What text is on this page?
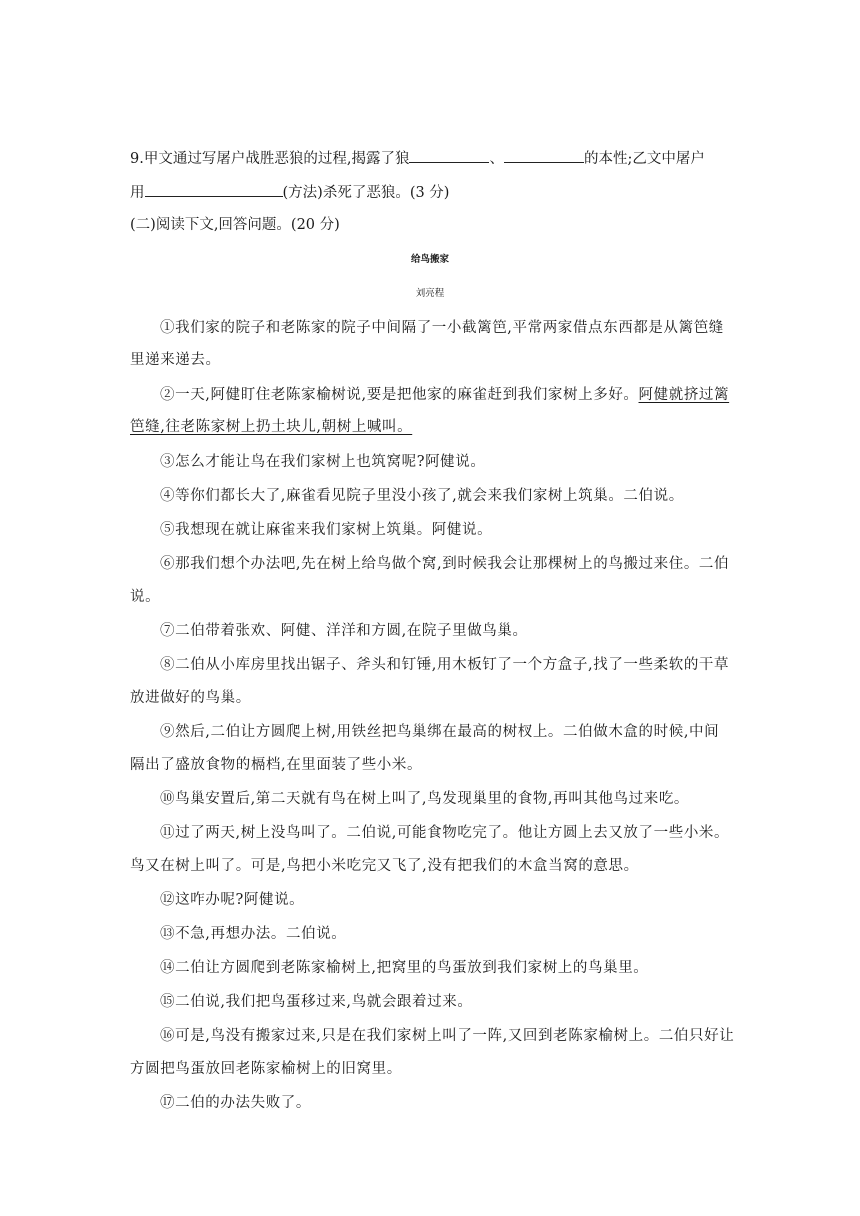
9.甲文通过写屠户战胜恶狼的过程,揭露了狼	、	的本性;乙文中屠户
用	(方法)杀死了恶狼。(3 分)
(二)阅读下文,回答问题。(20 分)
给鸟搬家
刘亮程
①我们家的院子和老陈家的院子中间隔了一小截篱笆,平常两家借点东西都是从篱笆缝
里递来递去。
②一天,阿健盯住老陈家榆树说,要是把他家的麻雀赶到我们家树上多好。阿健就挤过篱
笆缝,往老陈家树上扔土块儿,朝树上喊叫。
③怎么才能让鸟在我们家树上也筑窝呢?阿健说。
④等你们都长大了,麻雀看见院子里没小孩了,就会来我们家树上筑巢。二伯说。
⑤我想现在就让麻雀来我们家树上筑巢。阿健说。
⑥那我们想个办法吧,先在树上给鸟做个窝,到时候我会让那棵树上的鸟搬过来住。二伯
说。
⑦二伯带着张欢、阿健、洋洋和方圆,在院子里做鸟巢。
⑧二伯从小库房里找出锯子、斧头和钉锤,用木板钉了一个方盒子,找了一些柔软的干草
放进做好的鸟巢。
⑨然后,二伯让方圆爬上树,用铁丝把鸟巢绑在最高的树杈上。二伯做木盒的时候,中间
隔出了盛放食物的槅档,在里面装了些小米。
⑩鸟巢安置后,第二天就有鸟在树上叫了,鸟发现巢里的食物,再叫其他鸟过来吃。
⑪过了两天,树上没鸟叫了。二伯说,可能食物吃完了。他让方圆上去又放了一些小米。
鸟又在树上叫了。可是,鸟把小米吃完又飞了,没有把我们的木盒当窝的意思。
⑫这咋办呢?阿健说。
⑬不急,再想办法。二伯说。
⑭二伯让方圆爬到老陈家榆树上,把窝里的鸟蛋放到我们家树上的鸟巢里。
⑮二伯说,我们把鸟蛋移过来,鸟就会跟着过来。
⑯可是,鸟没有搬家过来,只是在我们家树上叫了一阵,又回到老陈家榆树上。二伯只好让
方圆把鸟蛋放回老陈家榆树上的旧窝里。
⑰二伯的办法失败了。
